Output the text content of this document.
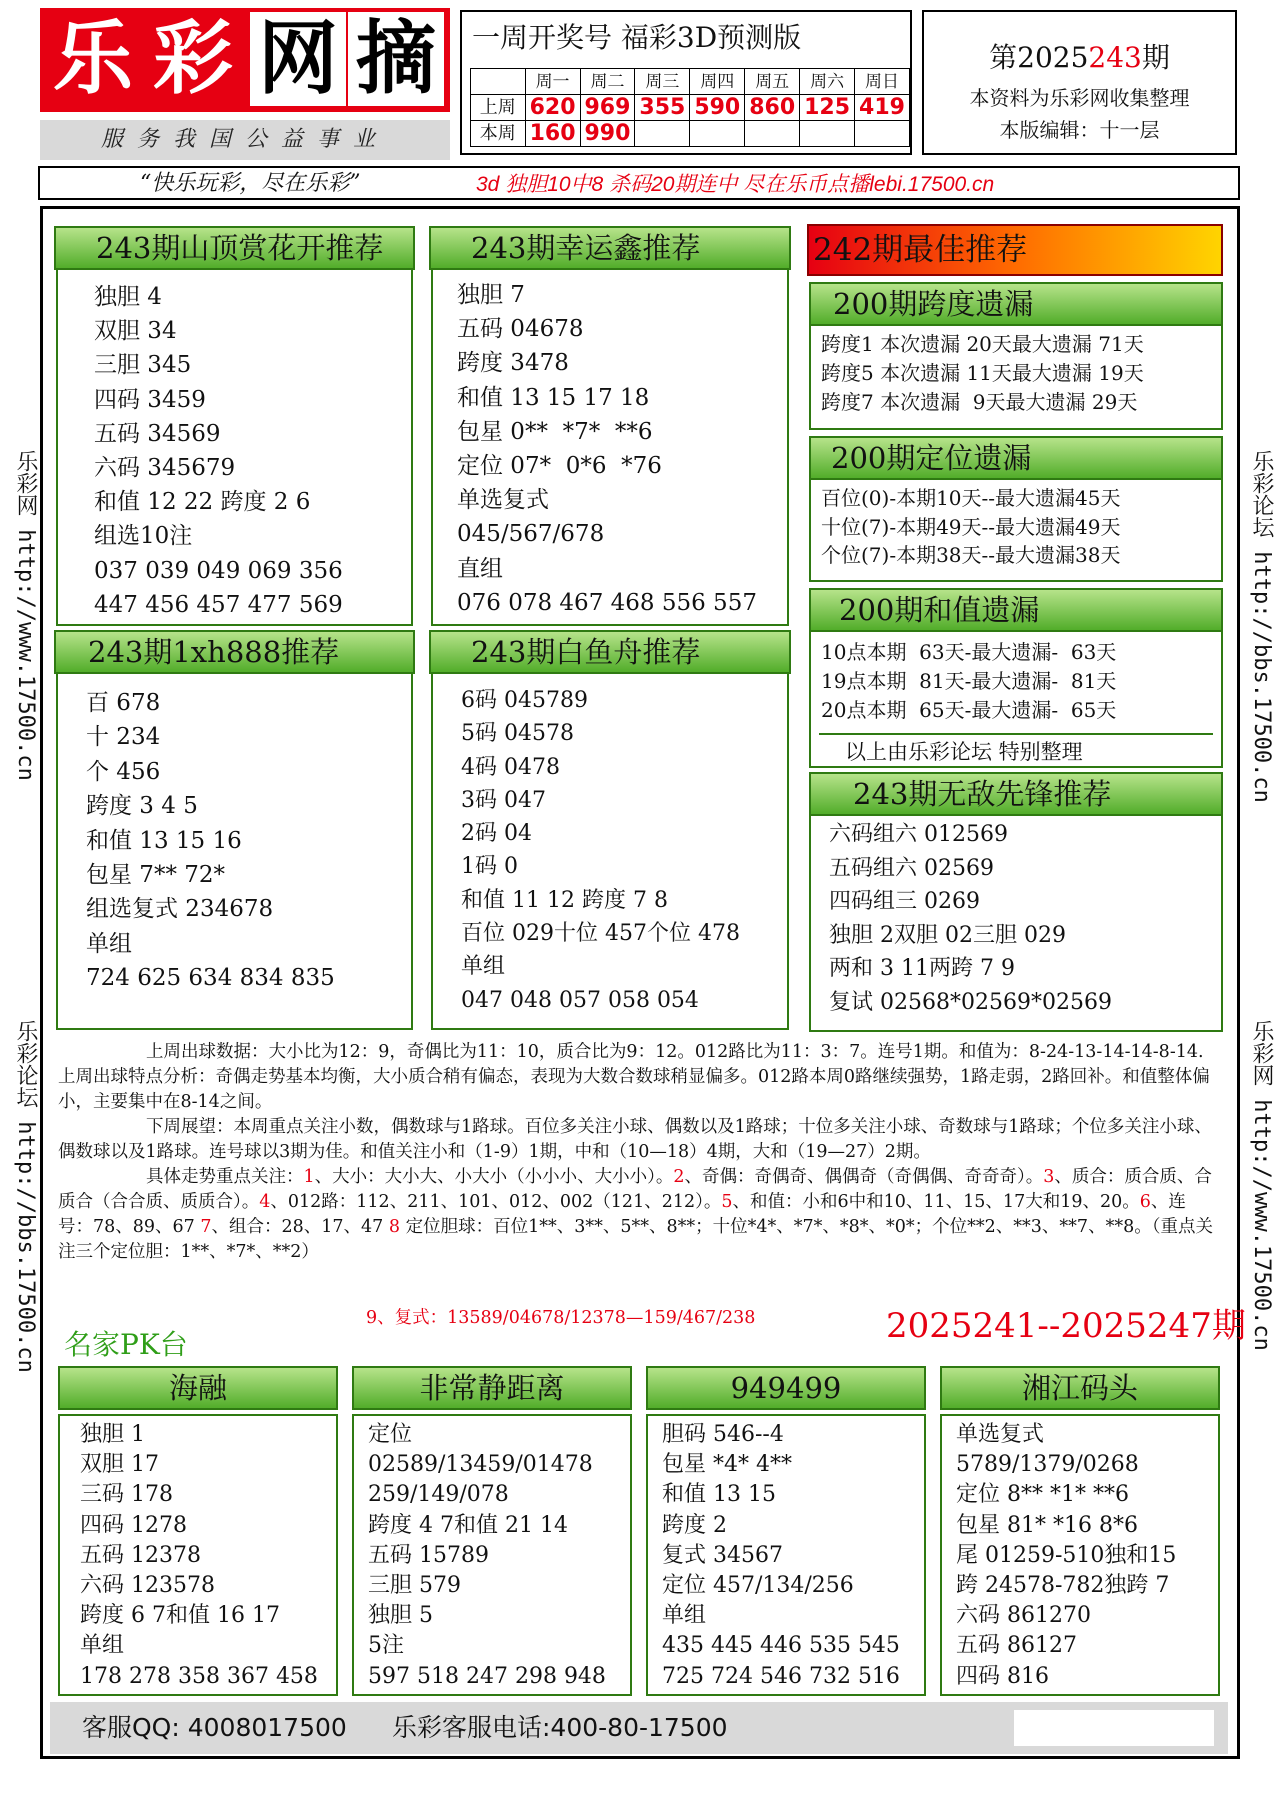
乐 彩 网 摘
服务我国公益事业
一周开奖号 福彩3D预测版
	周一	周二	周三	周四	周五	周六	周日
上周	620	969	355	590	860	125	419
本周	160	990					
第2025243期
本资料为乐彩网收集整理
本版编辑：十一层
“快乐玩彩，尽在乐彩”	3d 独胆10中8 杀码20期连中 尽在乐币点播lebi.17500.cn
乐彩网 http://www.17500.cn
乐彩论坛 http://bbs.17500.cn
乐彩论坛 http://bbs.17500.cn
乐彩网 http://www.17500.cn
独胆 4
双胆 34
三胆 345
四码 3459
五码 34569
六码 345679
和值 12 22 跨度 2 6
组选10注
037 039 049 069 356
447 456 457 477 569
243期山顶赏花开推荐
独胆 7
五码 04678
跨度 3478
和值 13 15 17 18
包星 0**  *7*  **6
定位 07*  0*6  *76
单选复式
045/567/678
直组
076 078 467 468 556 557
243期幸运鑫推荐
百 678
十 234
个 456
跨度 3 4 5
和值 13 15 16
包星 7** 72*
组选复式 234678
单组
724 625 634 834 835
243期1xh888推荐
6码 045789
5码 04578
4码 0478
3码 047
2码 04
1码 0
和值 11 12 跨度 7 8
百位 029十位 457个位 478
单组
047 048 057 058 054
243期白鱼舟推荐
242期最佳推荐
跨度1 本次遗漏 20天最大遗漏 71天
跨度5 本次遗漏 11天最大遗漏 19天
跨度7 本次遗漏  9天最大遗漏 29天
200期跨度遗漏
百位(0)-本期10天--最大遗漏45天
十位(7)-本期49天--最大遗漏49天
个位(7)-本期38天--最大遗漏38天
200期定位遗漏
10点本期  63天-最大遗漏-  63天
19点本期  81天-最大遗漏-  81天
20点本期  65天-最大遗漏-  65天
以上由乐彩论坛 特别整理
200期和值遗漏
六码组六 012569
五码组六 02569
四码组三 0269
独胆 2双胆 02三胆 029
两和 3 11两跨 7 9
复试 02568*02569*02569
243期无敌先锋推荐

上周出球数据：大小比为12：9，奇偶比为11：10，质合比为9：12。012路比为11：3：7。连号1期。和值为：8-24-13-14-14-8-14.上周出球特点分析：奇偶走势基本均衡，大小质合稍有偏态，表现为大数合数球稍显偏多。012路本周0路继续强势，1路走弱，2路回补。和值整体偏小，主要集中在8-14之间。

下周展望：本周重点关注小数，偶数球与1路球。百位多关注小球、偶数以及1路球；十位多关注小球、奇数球与1路球；个位多关注小球、偶数球以及1路球。连号球以3期为佳。和值关注小和（1-9）1期，中和（10—18）4期，大和（19—27）2期。

具体走势重点关注：1、大小：大小大、小大小（小小小、大小小）。2、奇偶：奇偶奇、偶偶奇（奇偶偶、奇奇奇）。3、质合：质合质、合质合（合合质、质质合）。4、012路：112、211、101、012、002（121、212）。5、和值：小和6中和10、11、15、17大和19、20。6、连号：78、89、67 7、组合：28、17、47 8 定位胆球：百位1**、3**、5**、8**；十位*4*、*7*、*8*、*0*；个位**2、**3、**7、**8。（重点关注三个定位胆：1**、*7*、**2）

9、复式：13589/04678/12378—159/467/238	2025241--2025247期
名家PK台
独胆 1
双胆 17
三码 178
四码 1278
五码 12378
六码 123578
跨度 6 7和值 16 17
单组
178 278 358 367 458
海融
定位
02589/13459/01478
259/149/078
跨度 4 7和值 21 14
五码 15789
三胆 579
独胆 5
5注
597 518 247 298 948
非常静距离
胆码 546--4
包星 *4* 4**
和值 13 15
跨度 2
复式 34567
定位 457/134/256
单组
435 445 446 535 545
725 724 546 732 516
949499
单选复式
5789/1379/0268
定位 8** *1* **6
包星 81* *16 8*6
尾 01259-510独和15
跨 24578-782独跨 7
六码 861270
五码 86127
四码 816
湘江码头
客服QQ: 4008017500 乐彩客服电话:400-80-17500
